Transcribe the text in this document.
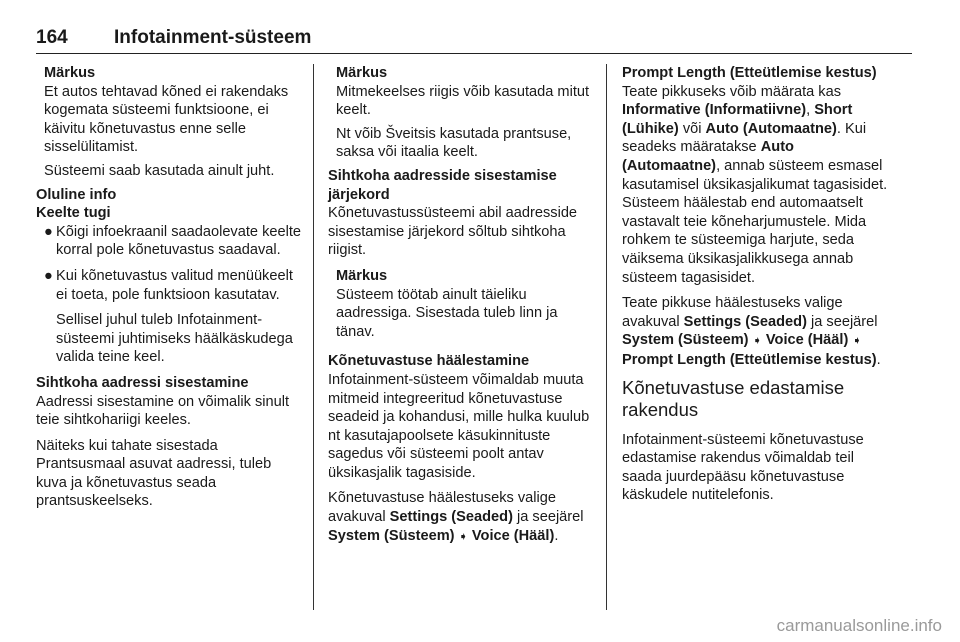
164	Infotainment-süsteem
Märkus

Et autos tehtavad kõned ei rakendaks kogemata süsteemi funktsioone, ei käivitu kõnetuvastus enne selle sisselülitamist.

Süsteemi saab kasutada ainult juht.

Oluline info
Keelte tugi
● Kõigi infoekraanil saadaolevate keelte korral pole kõnetuvastus saadaval.
● Kui kõnetuvastus valitud menüükeelt ei toeta, pole funktsioon kasutatav.

Sellisel juhul tuleb Infotainment-süsteemi juhtimiseks häälkäskudega valida teine keel.

Sihtkoha aadressi sisestamine

Aadressi sisestamine on võimalik sinult teie sihtkohariigi keeles.

Näiteks kui tahate sisestada Prantsusmaal asuvat aadressi, tuleb kuva ja kõnetuvastus seada prantsuskeelseks.

Märkus

Mitmekeelses riigis võib kasutada mitut keelt.

Nt võib Šveitsis kasutada prantsuse, saksa või itaalia keelt.

Sihtkoha aadresside sisestamise järjekord

Kõnetuvastussüsteemi abil aadresside sisestamise järjekord sõltub sihtkoha riigist.

Märkus

Süsteem töötab ainult täieliku aadressiga. Sisestada tuleb linn ja tänav.

Kõnetuvastuse häälestamine

Infotainment-süsteem võimaldab muuta mitmeid integreeritud kõnetuvastuse seadeid ja kohandusi, mille hulka kuulub nt kasutajapoolsete käsukinnituste sagedus või süsteemi poolt antav üksikasjalik tagasiside.

Kõnetuvastuse häälestuseks valige avakuval Settings (Seaded) ja seejärel System (Süsteem) ➧ Voice (Hääl).

Prompt Length (Etteütlemise kestus)

Teate pikkuseks võib määrata kas Informative (Informatiivne), Short (Lühike) või Auto (Automaatne). Kui seadeks määratakse Auto (Automaatne), annab süsteem esmasel kasutamisel üksikasjalikumat tagasisidet. Süsteem häälestab end automaatselt vastavalt teie kõneharjumustele. Mida rohkem te süsteemiga harjute, seda väiksema üksikasjalikkusega annab süsteem tagasisidet.

Teate pikkuse häälestuseks valige avakuval Settings (Seaded) ja seejärel System (Süsteem) ➧ Voice (Hääl) ➧ Prompt Length (Etteütlemise kestus).

Kõnetuvastuse edastamise rakendus

Infotainment-süsteemi kõnetuvastuse edastamise rakendus võimaldab teil saada juurdepääsu kõnetuvastuse käskudele nutitelefonis.

carmanualsonline.info
